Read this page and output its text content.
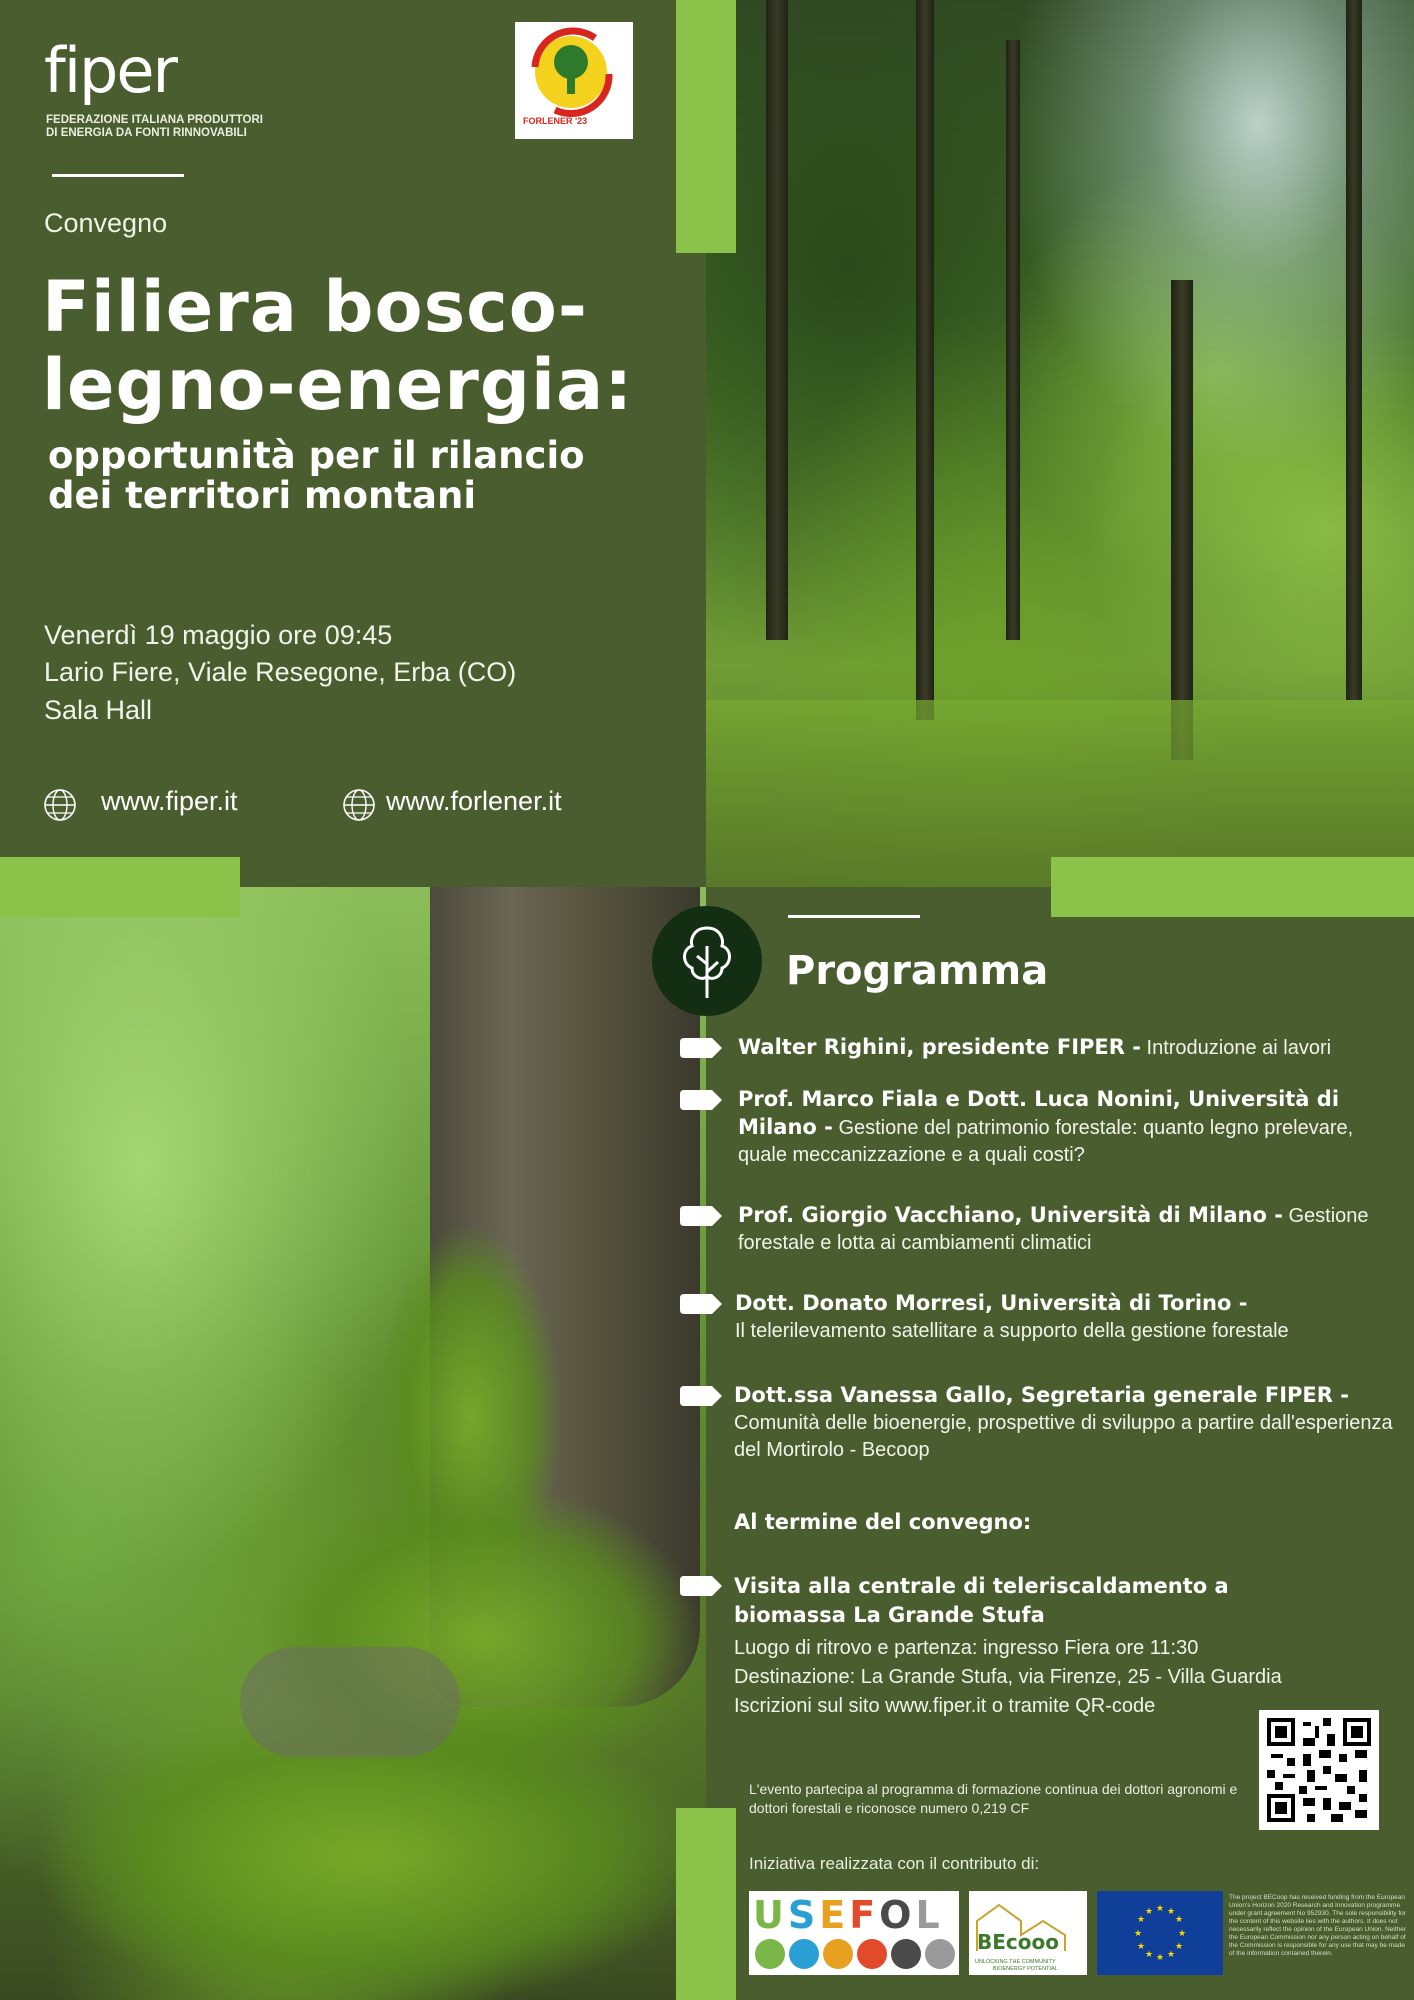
fiper
FEDERAZIONE ITALIANA PRODUTTORI DI ENERGIA DA FONTI RINNOVABILI
FORLENER '23
Convegno
Filiera bosco-
legno-energia:
opportunità per il rilancio
dei territori montani
Venerdì 19 maggio ore 09:45
Lario Fiere, Viale Resegone, Erba (CO)
Sala Hall
www.fiper.it	www.forlener.it
Programma
Walter Righini, presidente FIPER - Introduzione ai lavori
Prof. Marco Fiala e Dott. Luca Nonini, Università di Milano - Gestione del patrimonio forestale: quanto legno prelevare, quale meccanizzazione e a quali costi?
Prof. Giorgio Vacchiano, Università di Milano - Gestione forestale e lotta ai cambiamenti climatici
Dott. Donato Morresi, Università di Torino -
Il telerilevamento satellitare a supporto della gestione forestale
Dott.ssa Vanessa Gallo, Segretaria generale FIPER -
Comunità delle bioenergie, prospettive di sviluppo a partire dall'esperienza del Mortirolo - Becoop
Al termine del convegno:
Visita alla centrale di teleriscaldamento a biomassa La Grande Stufa
Luogo di ritrovo e partenza: ingresso Fiera ore 11:30
Destinazione: La Grande Stufa, via Firenze, 25 - Villa Guardia
Iscrizioni sul sito www.fiper.it o tramite QR-code
L'evento partecipa al programma di formazione continua dei dottori agronomi e dottori forestali e riconosce numero 0,219 CF
Iniziativa realizzata con il contributo di:
USEFOL
BEcooo
UNLOCKING THE COMMUNITY
BIOENERGY POTENTIAL
★ ★
★
★
★
★
★
★
★
★
★
★
The project BECoop has received funding from the European Union's Horizon 2020 Research and Innovation programme under grant agreement No 952930. The sole responsibility for the content of this website lies with the authors. It does not necessarily reflect the opinion of the European Union. Neither the European Commission nor any person acting on behalf of the Commission is responsible for any use that may be made of the information contained therein.
